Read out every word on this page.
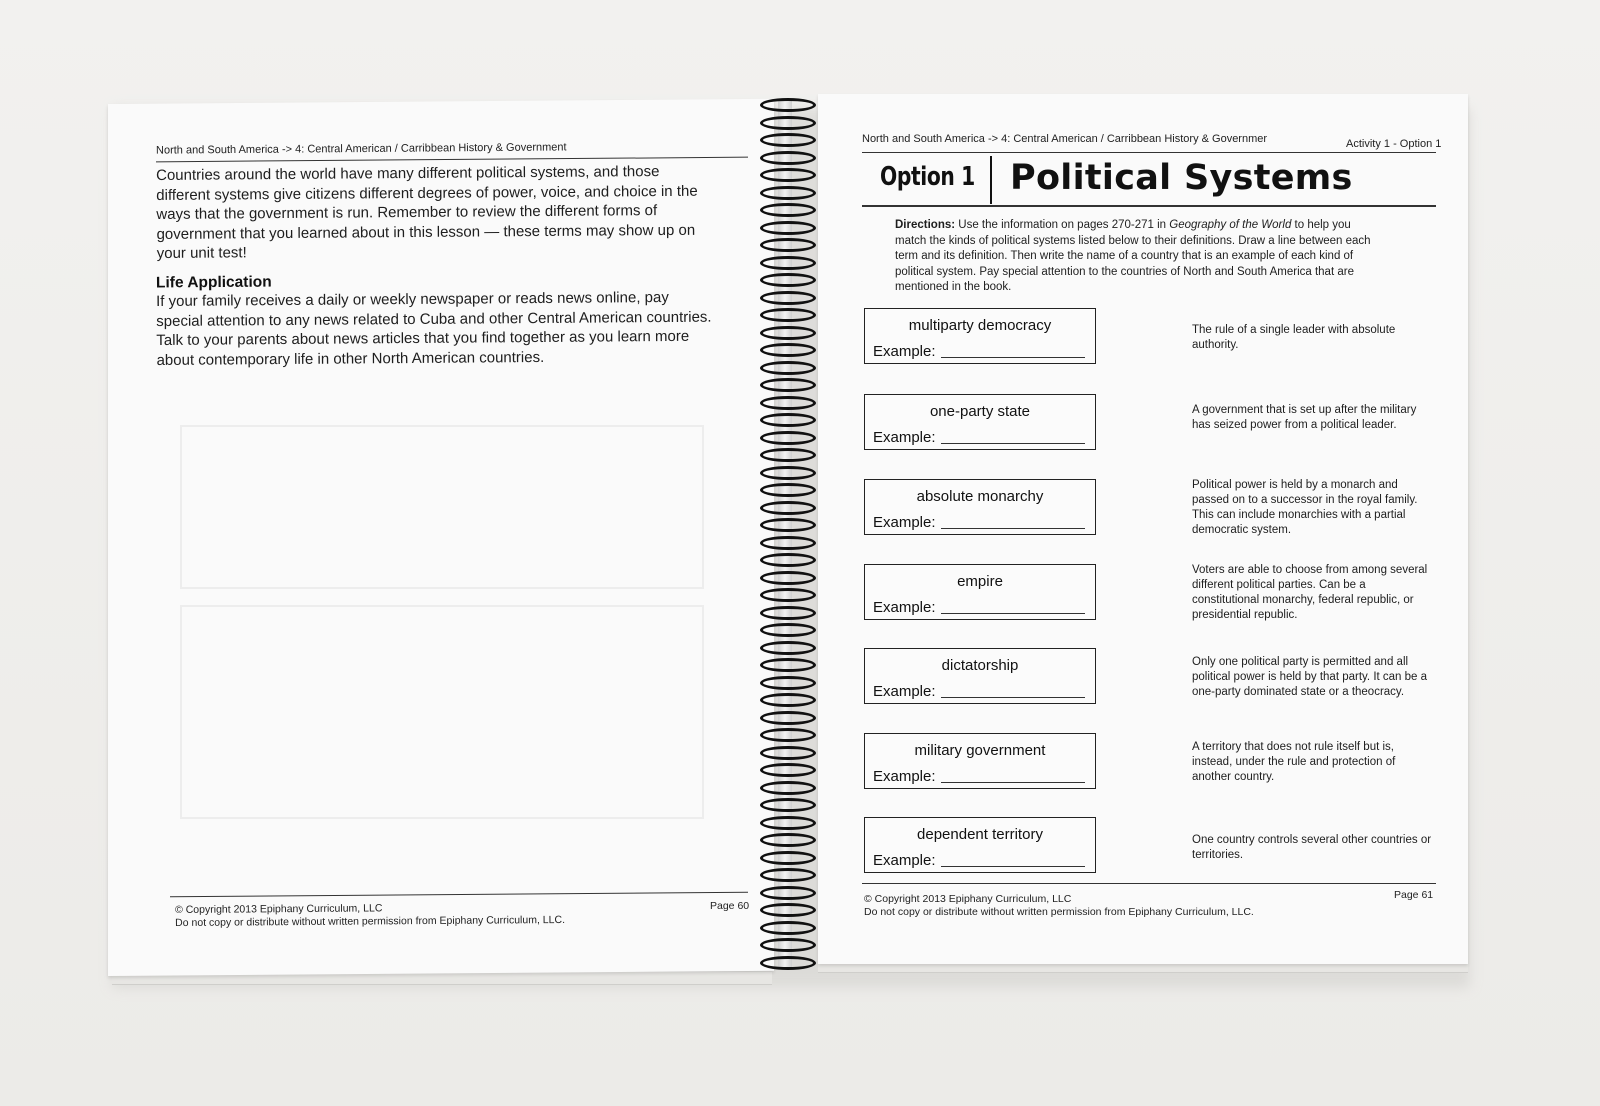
North and South America -> 4: Central American / Carribbean History & Government
Countries around the world have many different political systems, and those
different systems give citizens different degrees of power, voice, and choice in the
ways that the government is run. Remember to review the different forms of
government that you learned about in this lesson — these terms may show up on
your unit test!
Life Application
If your family receives a daily or weekly newspaper or reads news online, pay
special attention to any news related to Cuba and other Central American countries.
Talk to your parents about news articles that you find together as you learn more
about contemporary life in other North American countries.
© Copyright 2013 Epiphany Curriculum, LLC
Do not copy or distribute without written permission from Epiphany Curriculum, LLC.
Page 60
North and South America -> 4: Central American / Carribbean History & Governmer	Activity 1 - Option 1
Option 1 Political Systems
Directions: Use the information on pages 270-271 in Geography of the World to help you match the kinds of political systems listed below to their definitions. Draw a line between each term and its definition. Then write the name of a country that is an example of each kind of political system. Pay special attention to the countries of North and South America that are mentioned in the book.
multiparty democracy
Example:
one-party state
Example:
absolute monarchy
Example:
empire
Example:
dictatorship
Example:
military government
Example:
dependent territory
Example:
The rule of a single leader with absolute authority.
A government that is set up after the military has seized power from a political leader.
Political power is held by a monarch and passed on to a successor in the royal family. This can include monarchies with a partial democratic system.
Voters are able to choose from among several different political parties. Can be a constitutional monarchy, federal republic, or presidential republic.
Only one political party is permitted and all political power is held by that party. It can be a one-party dominated state or a theocracy.
A territory that does not rule itself but is, instead, under the rule and protection of another country.
One country controls several other countries or territories.
© Copyright 2013 Epiphany Curriculum, LLC
Do not copy or distribute without written permission from Epiphany Curriculum, LLC.
Page 61
